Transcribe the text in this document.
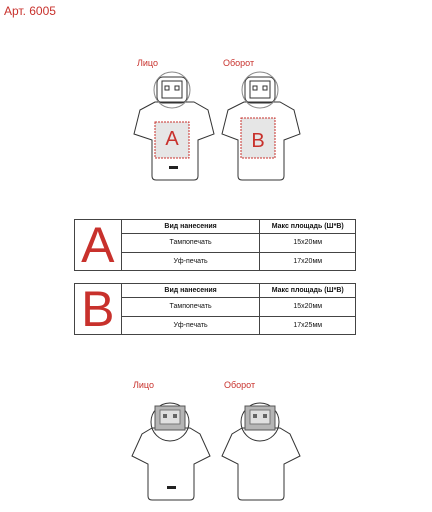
Арт. 6005
Лицо	Оборот
A	B
A	Вид нанесения	Макс площадь (Ш*В)
	Тампопечать	15х20мм
	Уф-печать	17х20мм
B	Вид нанесения	Макс площадь (Ш*В)
	Тампопечать	15х20мм
	Уф-печать	17х25мм
Лицо	Оборот
